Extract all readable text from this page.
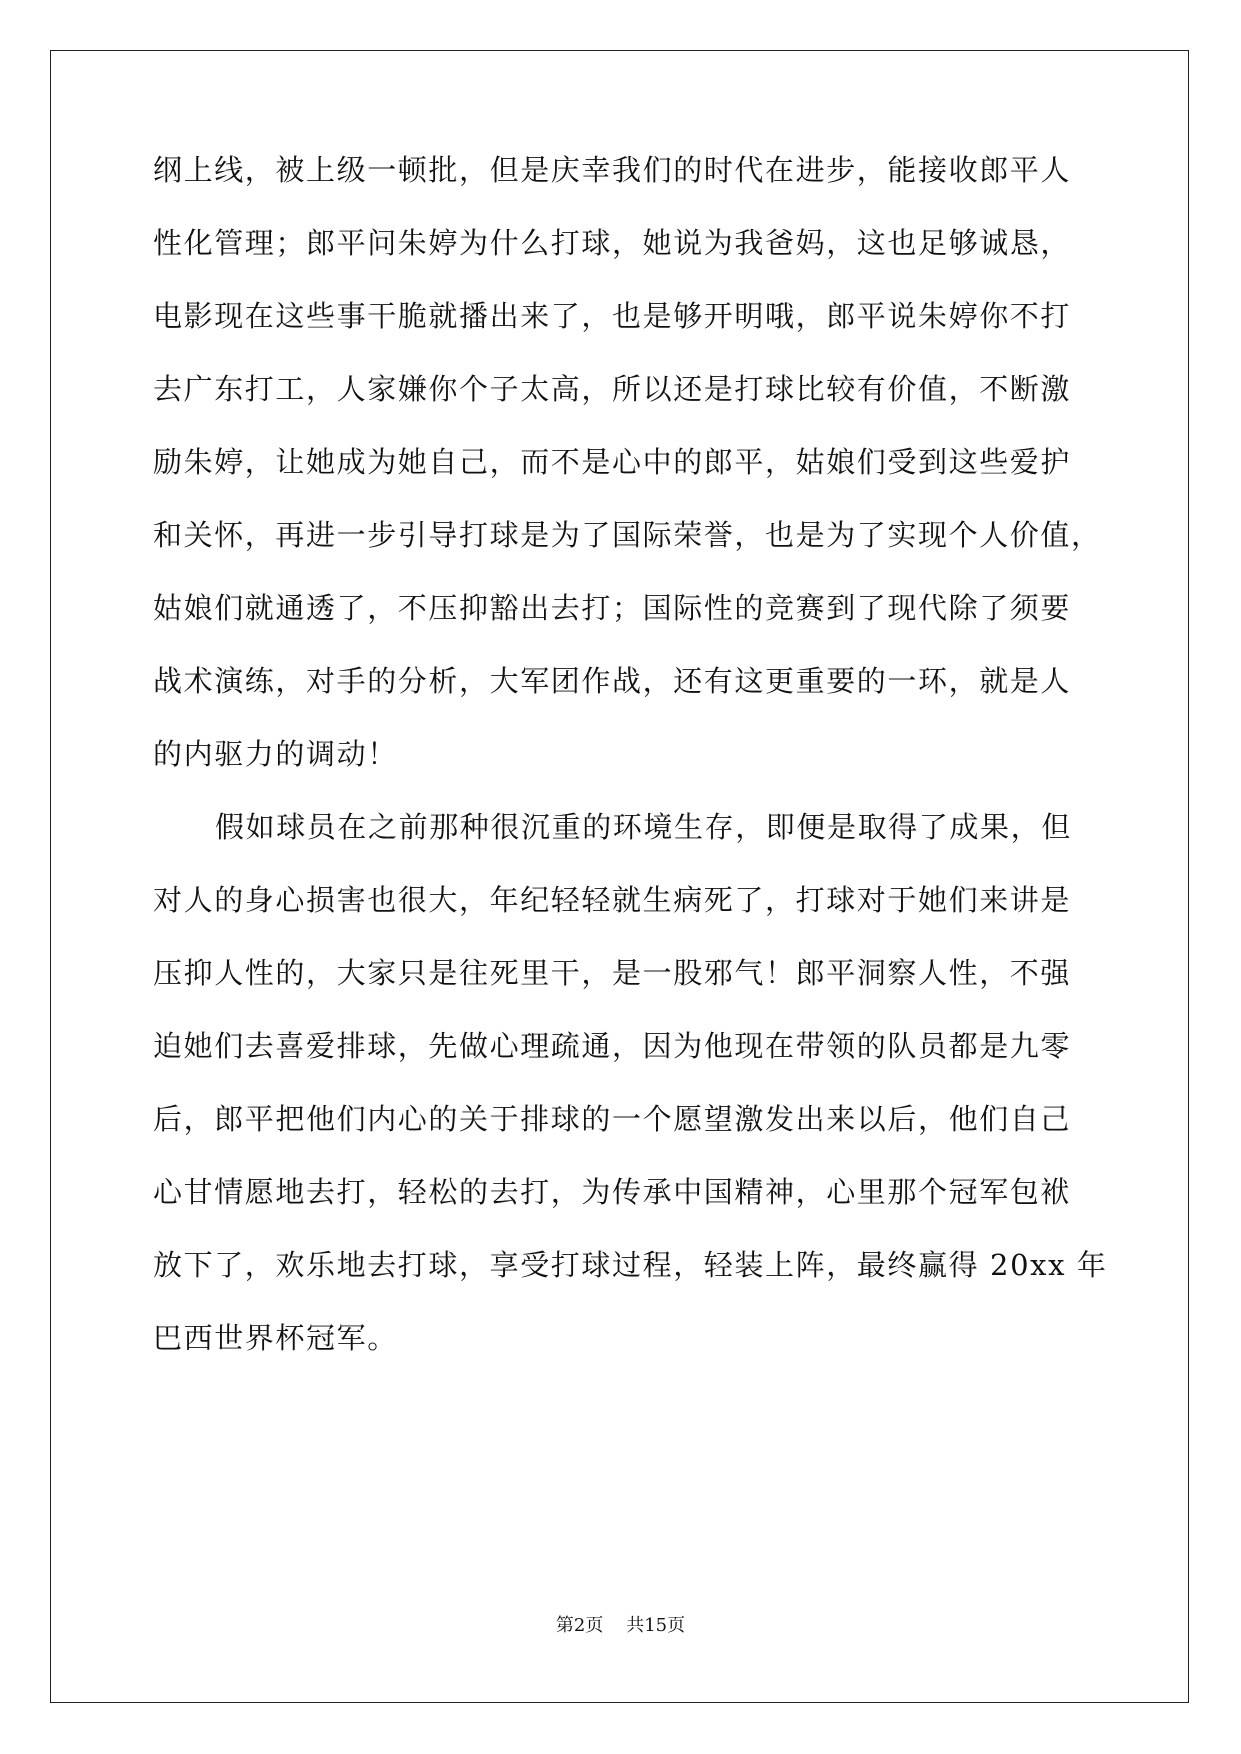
纲上线，被上级一顿批，但是庆幸我们的时代在进步，能接收郎平人
性化管理；郎平问朱婷为什么打球，她说为我爸妈，这也足够诚恳，
电影现在这些事干脆就播出来了，也是够开明哦，郎平说朱婷你不打
去广东打工，人家嫌你个子太高，所以还是打球比较有价值，不断激
励朱婷，让她成为她自己，而不是心中的郎平，姑娘们受到这些爱护
和关怀，再进一步引导打球是为了国际荣誉，也是为了实现个人价值，
姑娘们就通透了，不压抑豁出去打；国际性的竞赛到了现代除了须要
战术演练，对手的分析，大军团作战，还有这更重要的一环，就是人
的内驱力的调动！
假如球员在之前那种很沉重的环境生存，即便是取得了成果，但
对人的身心损害也很大，年纪轻轻就生病死了，打球对于她们来讲是
压抑人性的，大家只是往死里干，是一股邪气！郎平洞察人性，不强
迫她们去喜爱排球，先做心理疏通，因为他现在带领的队员都是九零
后，郎平把他们内心的关于排球的一个愿望激发出来以后，他们自己
心甘情愿地去打，轻松的去打，为传承中国精神，心里那个冠军包袱
放下了，欢乐地去打球，享受打球过程，轻装上阵，最终赢得 20xx 年
巴西世界杯冠军。
第2页    共15页
